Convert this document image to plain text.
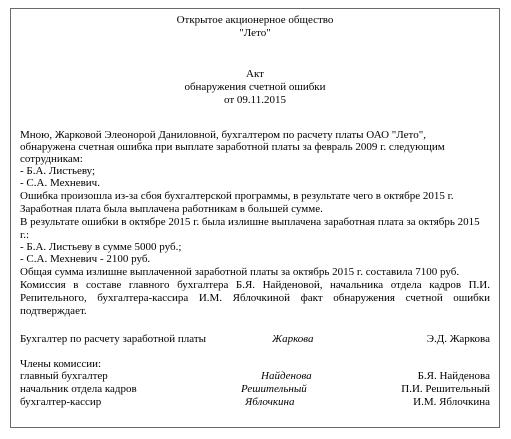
Открытое акционерное общество
"Лето"
Акт
обнаружения счетной ошибки
от 09.11.2015
Мною, Жарковой Элеонорой Даниловной, бухгалтером по расчету платы ОАО "Лето",
обнаружена счетная ошибка при выплате заработной платы за февраль 2009 г. следующим
сотрудникам:
- Б.А. Листьеву;
- С.А. Мехневич.
Ошибка произошла из-за сбоя бухгалтерской программы, в результате чего в октябре 2015 г.
Заработная плата была выплачена работникам в большей сумме.
В результате ошибки в октябре 2015 г. была излишне выплачена заработная плата за октябрь 2015
г.:
- Б.А. Листьеву в сумме 5000 руб.;
- С.А. Мехневич - 2100 руб.
Общая сумма излишне выплаченной заработной платы за октябрь 2015 г. составила 7100 руб.
Комиссия в составе главного бухгалтера Б.Я. Найденовой, начальника отдела кадров П.И.
Репитeльного, бухгалтера-кассира И.М. Яблочкиной факт обнаружения счетной ошибки
подтверждает.
Бухгалтер по расчету заработной платы	Жаркова	Э.Д. Жаркова
Члены комиссии:
главный бухгалтер	Найденова	Б.Я. Найденова
начальник отдела кадров	Решительный	П.И. Решительный
бухгалтер-кассир	Яблочкина	И.М. Яблочкина
